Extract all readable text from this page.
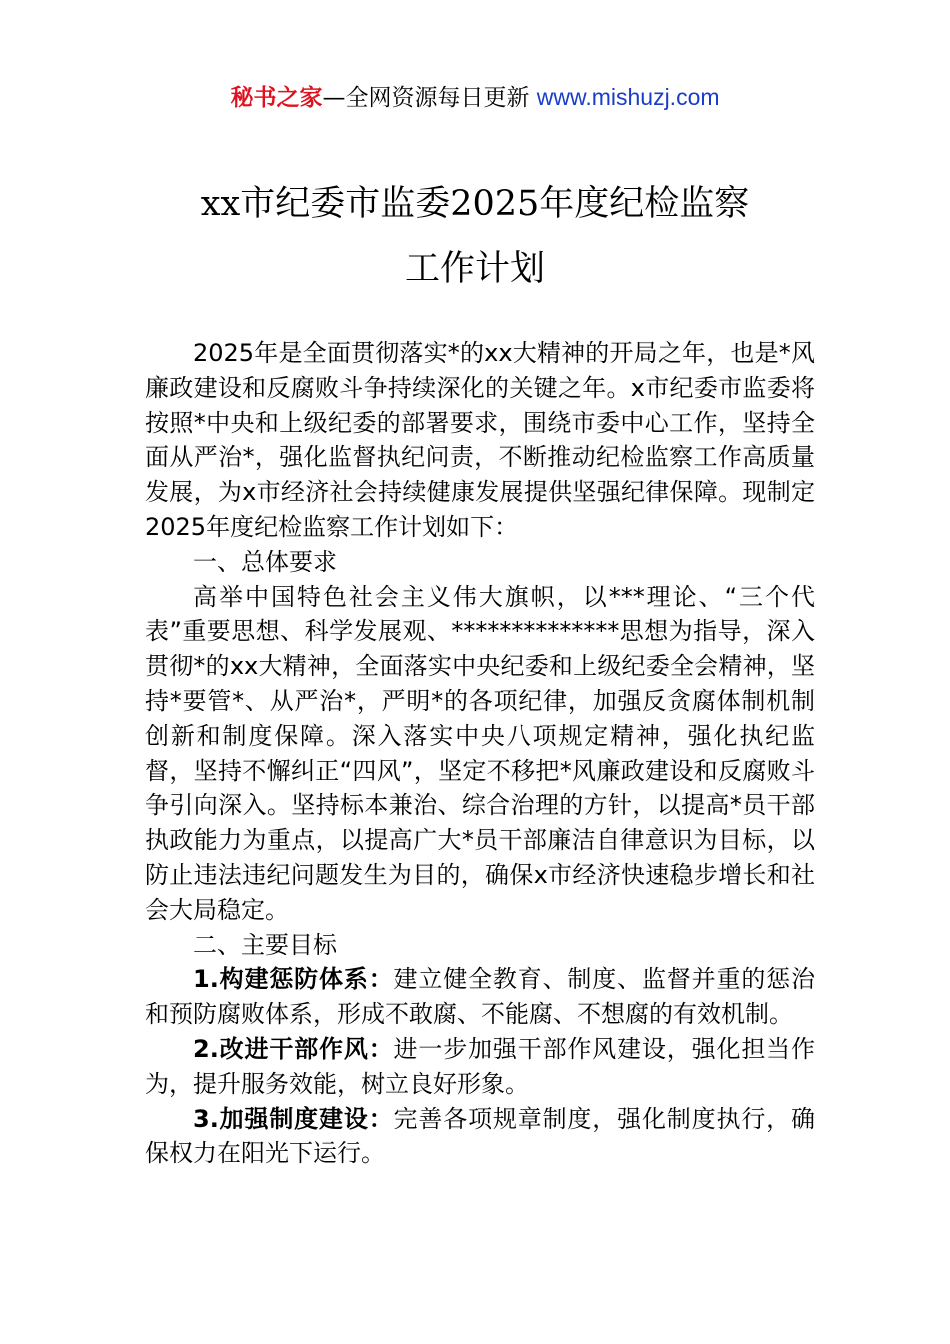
秘书之家—全网资源每日更新 www.mishuzj.com
xx市纪委市监委2025年度纪检监察
工作计划

2025年是全面贯彻落实*的xx大精神的开局之年，也是*风廉政建设和反腐败斗争持续深化的关键之年。x市纪委市监委将按照*中央和上级纪委的部署要求，围绕市委中心工作，坚持全面从严治*，强化监督执纪问责，不断推动纪检监察工作高质量发展，为x市经济社会持续健康发展提供坚强纪律保障。现制定2025年度纪检监察工作计划如下：

一、总体要求

高举中国特色社会主义伟大旗帜，以***理论、“三个代表”重要思想、科学发展观、**************思想为指导，深入贯彻*的xx大精神，全面落实中央纪委和上级纪委全会精神，坚持*要管*、从严治*，严明*的各项纪律，加强反贪腐体制机制创新和制度保障。深入落实中央八项规定精神，强化执纪监督，坚持不懈纠正“四风”，坚定不移把*风廉政建设和反腐败斗争引向深入。坚持标本兼治、综合治理的方针，以提高*员干部执政能力为重点，以提高广大*员干部廉洁自律意识为目标，以防止违法违纪问题发生为目的，确保x市经济快速稳步增长和社会大局稳定。

二、主要目标

1.构建惩防体系：建立健全教育、制度、监督并重的惩治和预防腐败体系，形成不敢腐、不能腐、不想腐的有效机制。

2.改进干部作风：进一步加强干部作风建设，强化担当作为，提升服务效能，树立良好形象。

3.加强制度建设：完善各项规章制度，强化制度执行，确保权力在阳光下运行。
